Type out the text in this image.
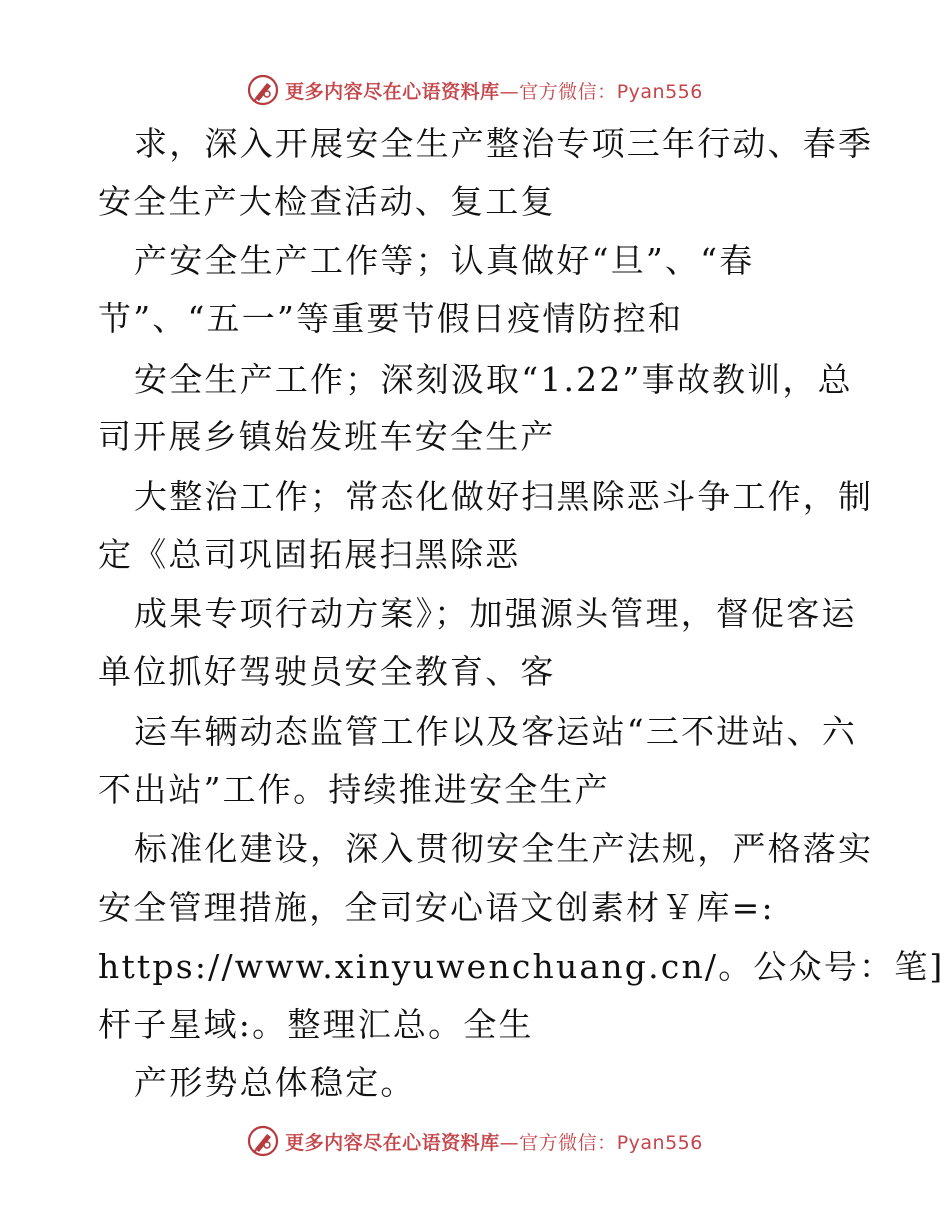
更多内容尽在心语资料库—官方微信：Pyan556
求，深入开展安全生产整治专项三年行动、春季
安全生产大检查活动、复工复
产安全生产工作等；认真做好“旦”、“春
节”、“五一”等重要节假日疫情防控和
安全生产工作；深刻汲取“1.22”事故教训，总
司开展乡镇始发班车安全生产
大整治工作；常态化做好扫黑除恶斗争工作，制
定《总司巩固拓展扫黑除恶
成果专项行动方案》；加强源头管理，督促客运
单位抓好驾驶员安全教育、客
运车辆动态监管工作以及客运站“三不进站、六
不出站”工作。持续推进安全生产
标准化建设，深入贯彻安全生产法规，严格落实
安全管理措施，全司安心语文创素材￥库=:
https://www.xinyuwenchuang.cn/。公众号：笔]
杆子星域:。整理汇总。全生
产形势总体稳定。
更多内容尽在心语资料库—官方微信：Pyan556
